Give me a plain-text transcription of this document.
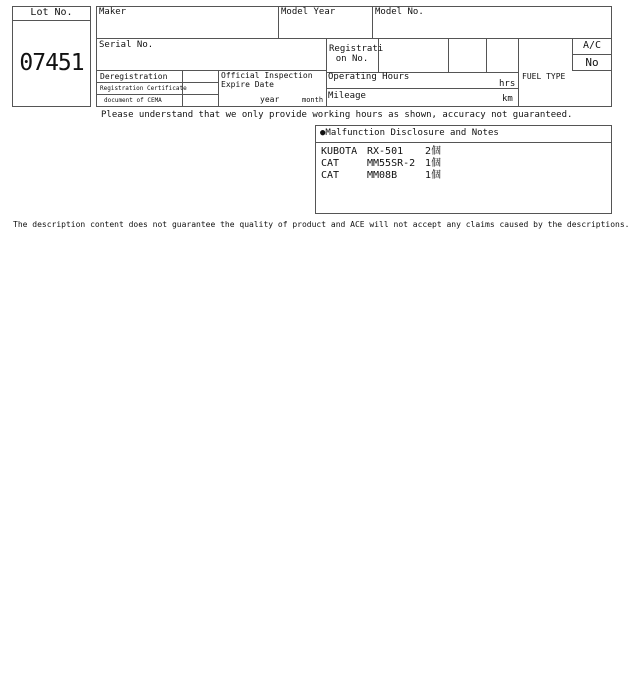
Lot No.
07451
Maker	Model Year	Model No.
Serial No.	Registrati
on No.
A/C
No
Deregistration
Registration Certificate
document of CEMA
Official Inspection
Expire Date
year	month
Operating Hours
hrs
Mileage	km
FUEL TYPE
Please understand that we only provide working hours as shown, accuracy not guaranteed.
●Malfunction Disclosure and Notes
KUBOTA RX-501 2個
CAT	MM55SR-2 1個
CAT	MM08B	1個
The description content does not guarantee the quality of product and ACE will not accept any claims caused by the descriptions.
